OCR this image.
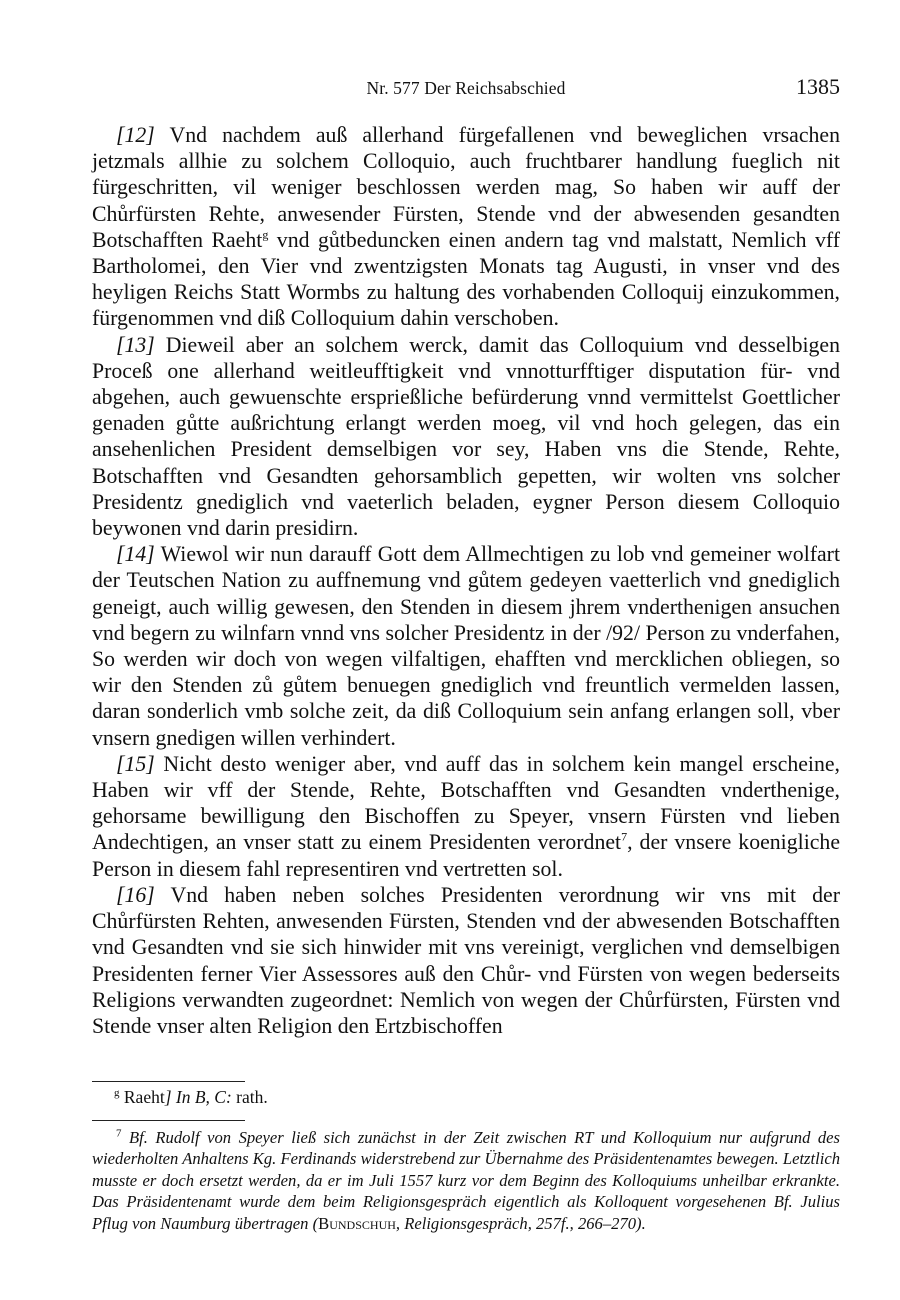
Nr. 577 Der Reichsabschied	1385

[12] Vnd nachdem auß allerhand fürgefallenen vnd beweglichen vrsachen jetzmals allhie zu solchem Colloquio, auch fruchtbarer handlung fueglich nit fürgeschritten, vil weniger beschlossen werden mag, So haben wir auff der Chůrfürsten Rehte, anwesender Fürsten, Stende vnd der abwesenden gesandten Botschafften Raeht$^g$ vnd gůtbeduncken einen andern tag vnd malstatt, Nemlich vff Bartholomei, den Vier vnd zwentzigsten Monats tag Augusti, in vnser vnd des heyligen Reichs Statt Wormbs zu haltung des vorhabenden Colloquij einzukommen, fürgenommen vnd diß Colloquium dahin verschoben.

[13] Dieweil aber an solchem werck, damit das Colloquium vnd desselbigen Proceß one allerhand weitleufftigkeit vnd vnnotturfftiger disputation für- vnd abgehen, auch gewuenschte ersprießliche befürderung vnnd vermittelst Goettlicher genaden gůtte außrichtung erlangt werden moeg, vil vnd hoch gelegen, das ein ansehenlichen President demselbigen vor sey, Haben vns die Stende, Rehte, Botschafften vnd Gesandten gehorsamblich gepetten, wir wolten vns solcher Presidentz gnediglich vnd vaeterlich beladen, eygner Person diesem Colloquio beywonen vnd darin presidirn.

[14] Wiewol wir nun darauff Gott dem Allmechtigen zu lob vnd gemeiner wolfart der Teutschen Nation zu auffnemung vnd gůtem gedeyen vaetterlich vnd gnediglich geneigt, auch willig gewesen, den Stenden in diesem jhrem vnderthenigen ansuchen vnd begern zu wilnfarn vnnd vns solcher Presidentz in der /92/ Person zu vnderfahen, So werden wir doch von wegen vilfaltigen, ehafften vnd mercklichen obliegen, so wir den Stenden zů gůtem benuegen gnediglich vnd freuntlich vermelden lassen, daran sonderlich vmb solche zeit, da diß Colloquium sein anfang erlangen soll, vber vnsern gnedigen willen verhindert.

[15] Nicht desto weniger aber, vnd auff das in solchem kein mangel erscheine, Haben wir vff der Stende, Rehte, Botschafften vnd Gesandten vnderthenige, gehorsame bewilligung den Bischoffen zu Speyer, vnsern Fürsten vnd lieben Andechtigen, an vnser statt zu einem Presidenten verordnet$^7$, der vnsere koenigliche Person in diesem fahl representiren vnd vertretten sol.

[16] Vnd haben neben solches Presidenten verordnung wir vns mit der Chůrfürsten Rehten, anwesenden Fürsten, Stenden vnd der abwesenden Botschafften vnd Gesandten vnd sie sich hinwider mit vns vereinigt, verglichen vnd demselbigen Presidenten ferner Vier Assessores auß den Chůr- vnd Fürsten von wegen bederseits Religions verwandten zugeordnet: Nemlich von wegen der Chůrfürsten, Fürsten vnd Stende vnser alten Religion den Ertzbischoffen

$^g$ Raeht] In B, C: rath.
$^7$ Bf. Rudolf von Speyer ließ sich zunächst in der Zeit zwischen RT und Kolloquium nur aufgrund des wiederholten Anhaltens Kg. Ferdinands widerstrebend zur Übernahme des Präsidentenamtes bewegen. Letztlich musste er doch ersetzt werden, da er im Juli 1557 kurz vor dem Beginn des Kolloquiums unheilbar erkrankte. Das Präsidentenamt wurde dem beim Religionsgespräch eigentlich als Kolloquent vorgesehenen Bf. Julius Pflug von Naumburg übertragen (Bundschuh, Religionsgespräch, 257f., 266–270).
